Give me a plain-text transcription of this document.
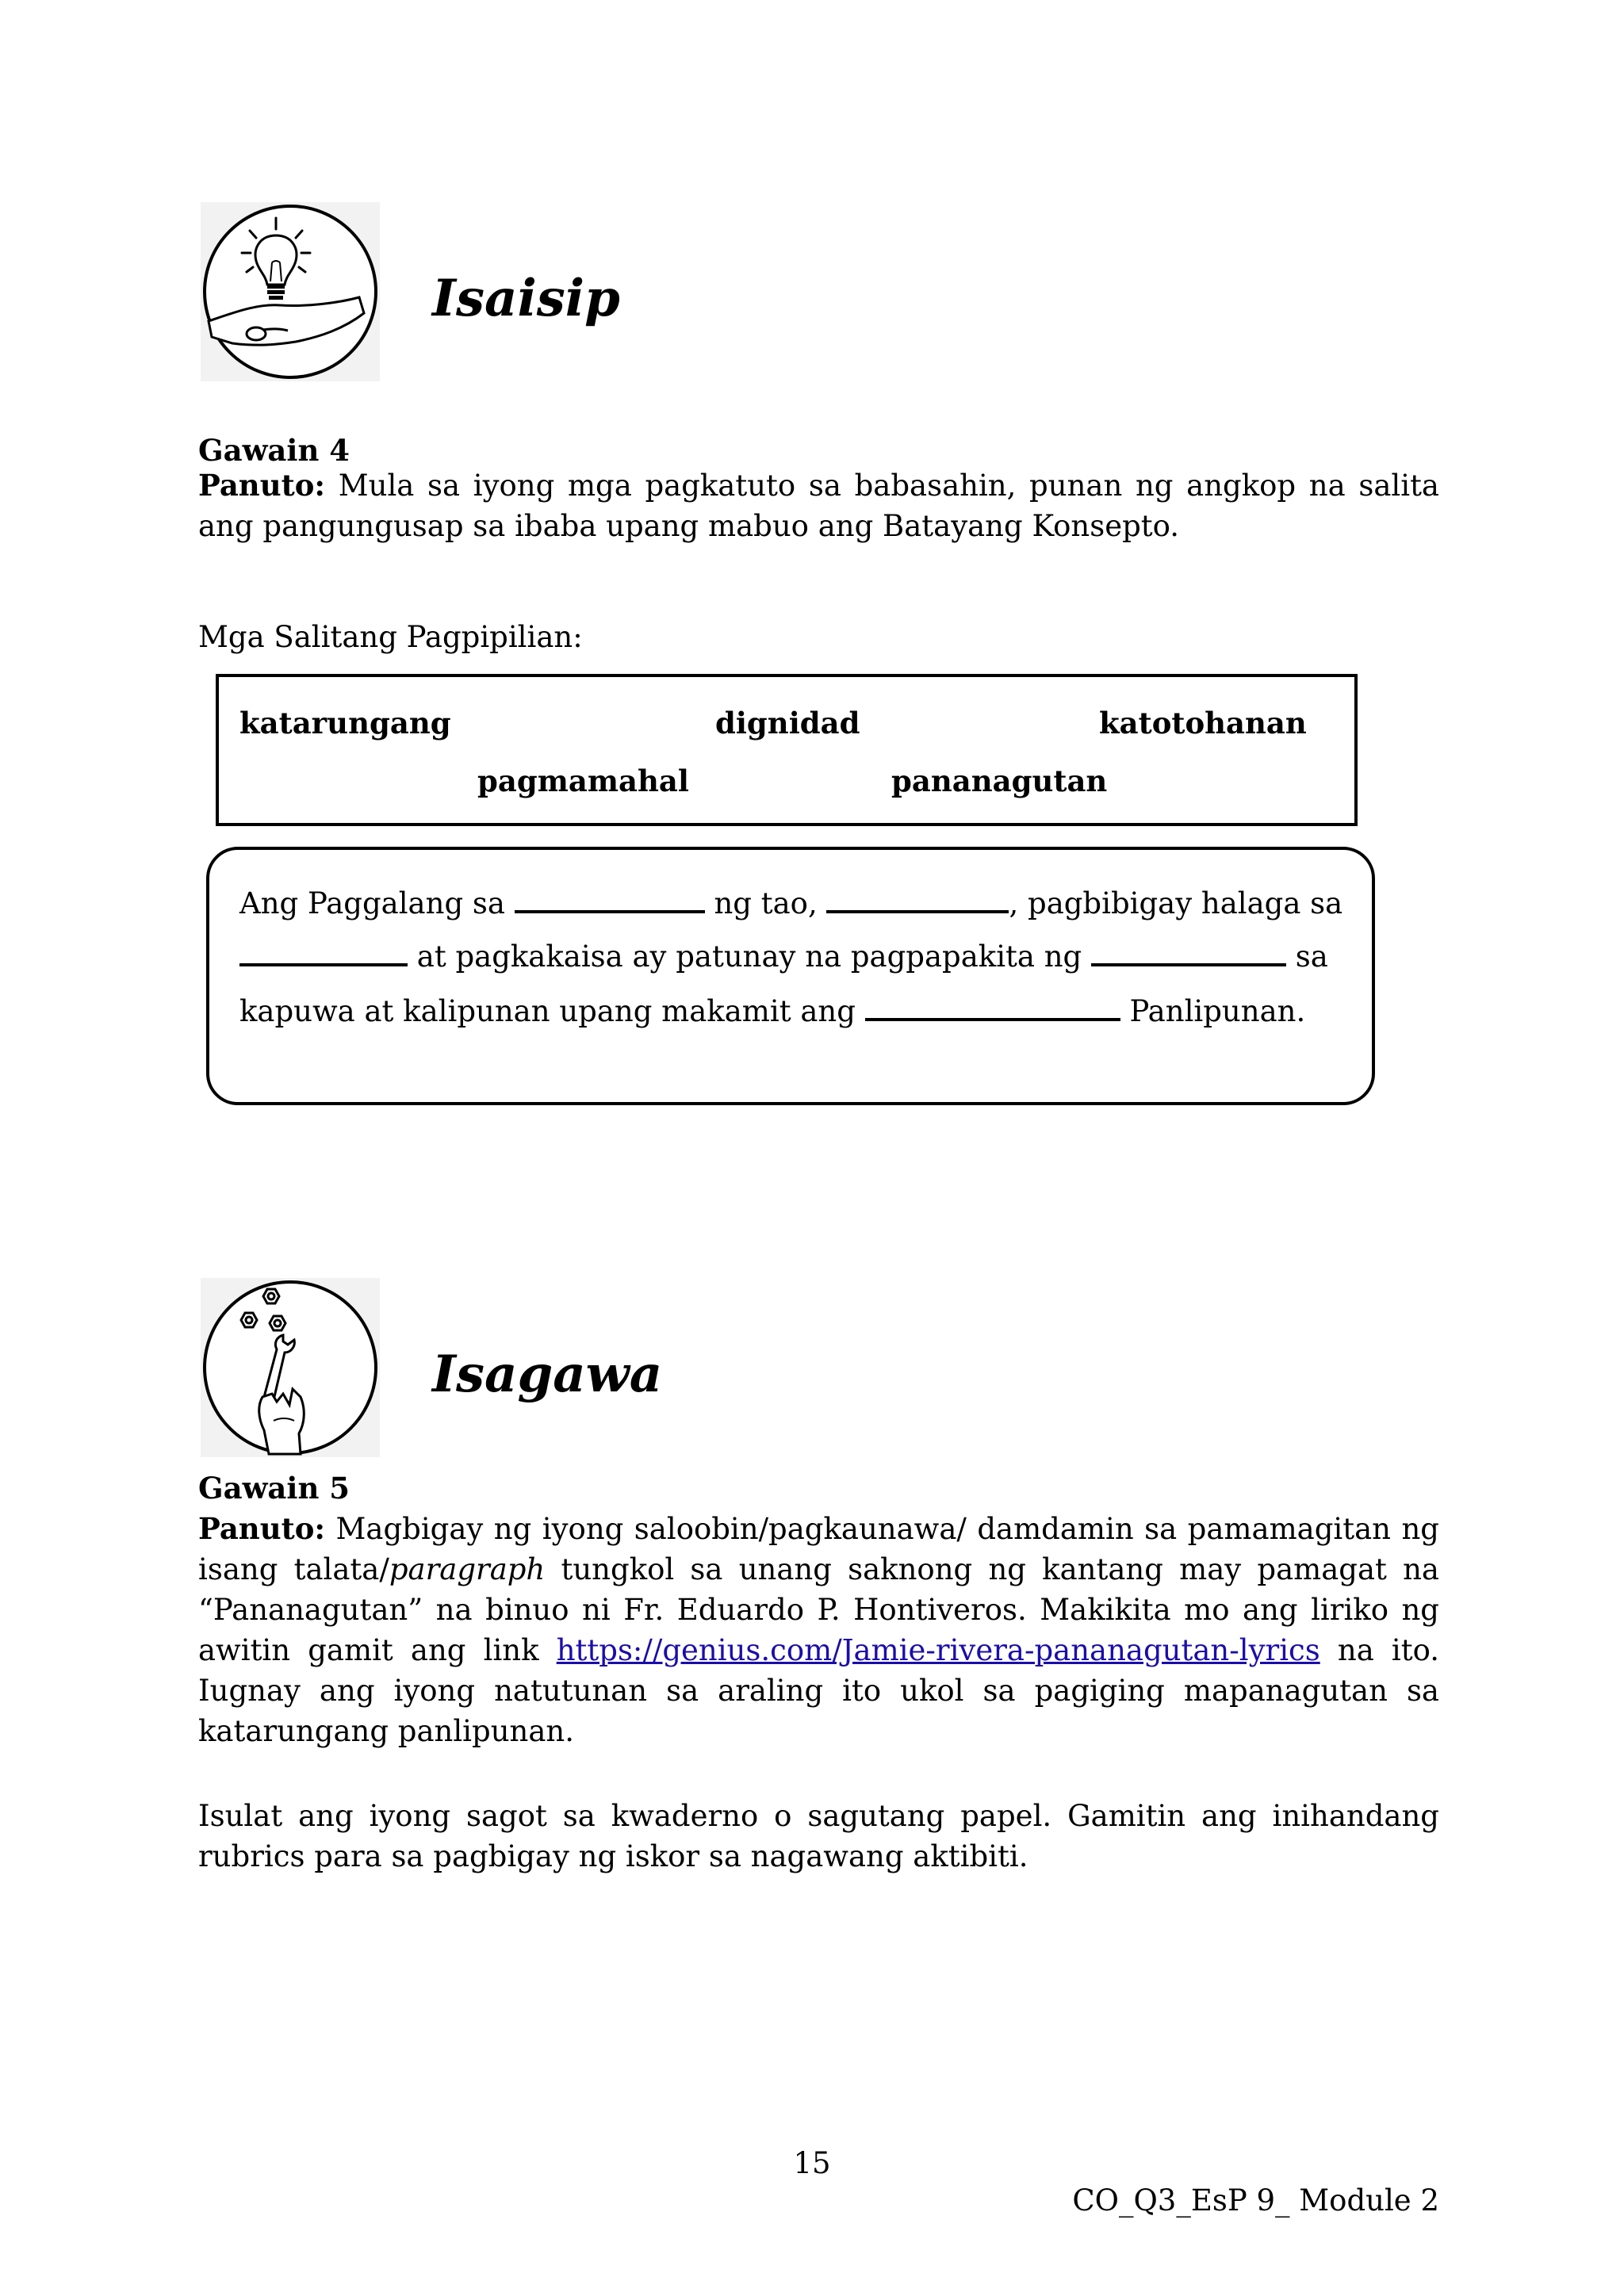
Isaisip
Gawain 4
Panuto: Mula sa iyong mga pagkatuto sa babasahin, punan ng angkop na salita ang pangungusap sa ibaba upang mabuo ang Batayang Konsepto.
Mga Salitang Pagpipilian:
katarungang	dignidad	katotohanan
pagmamahal	pananagutan
Ang Paggalang sa	ng tao,	, pagbibigay halaga sa
at pagkakaisa ay patunay na pagpapakita ng	sa
kapuwa at kalipunan upang makamit ang	Panlipunan.
Isagawa
Gawain 5
Panuto: Magbigay ng iyong saloobin/pagkaunawa/ damdamin sa pamamagitan ng isang talata/paragraph tungkol sa unang saknong ng kantang may pamagat na “Pananagutan” na binuo ni Fr. Eduardo P. Hontiveros. Makikita mo ang liriko ng awitin gamit ang link https://genius.com/Jamie-rivera-pananagutan-lyrics na ito. Iugnay ang iyong natutunan sa araling ito ukol sa pagiging mapanagutan sa katarungang panlipunan.
Isulat ang iyong sagot sa kwaderno o sagutang papel. Gamitin ang inihandang rubrics para sa pagbigay ng iskor sa nagawang aktibiti.
15
CO_Q3_EsP 9_ Module 2
